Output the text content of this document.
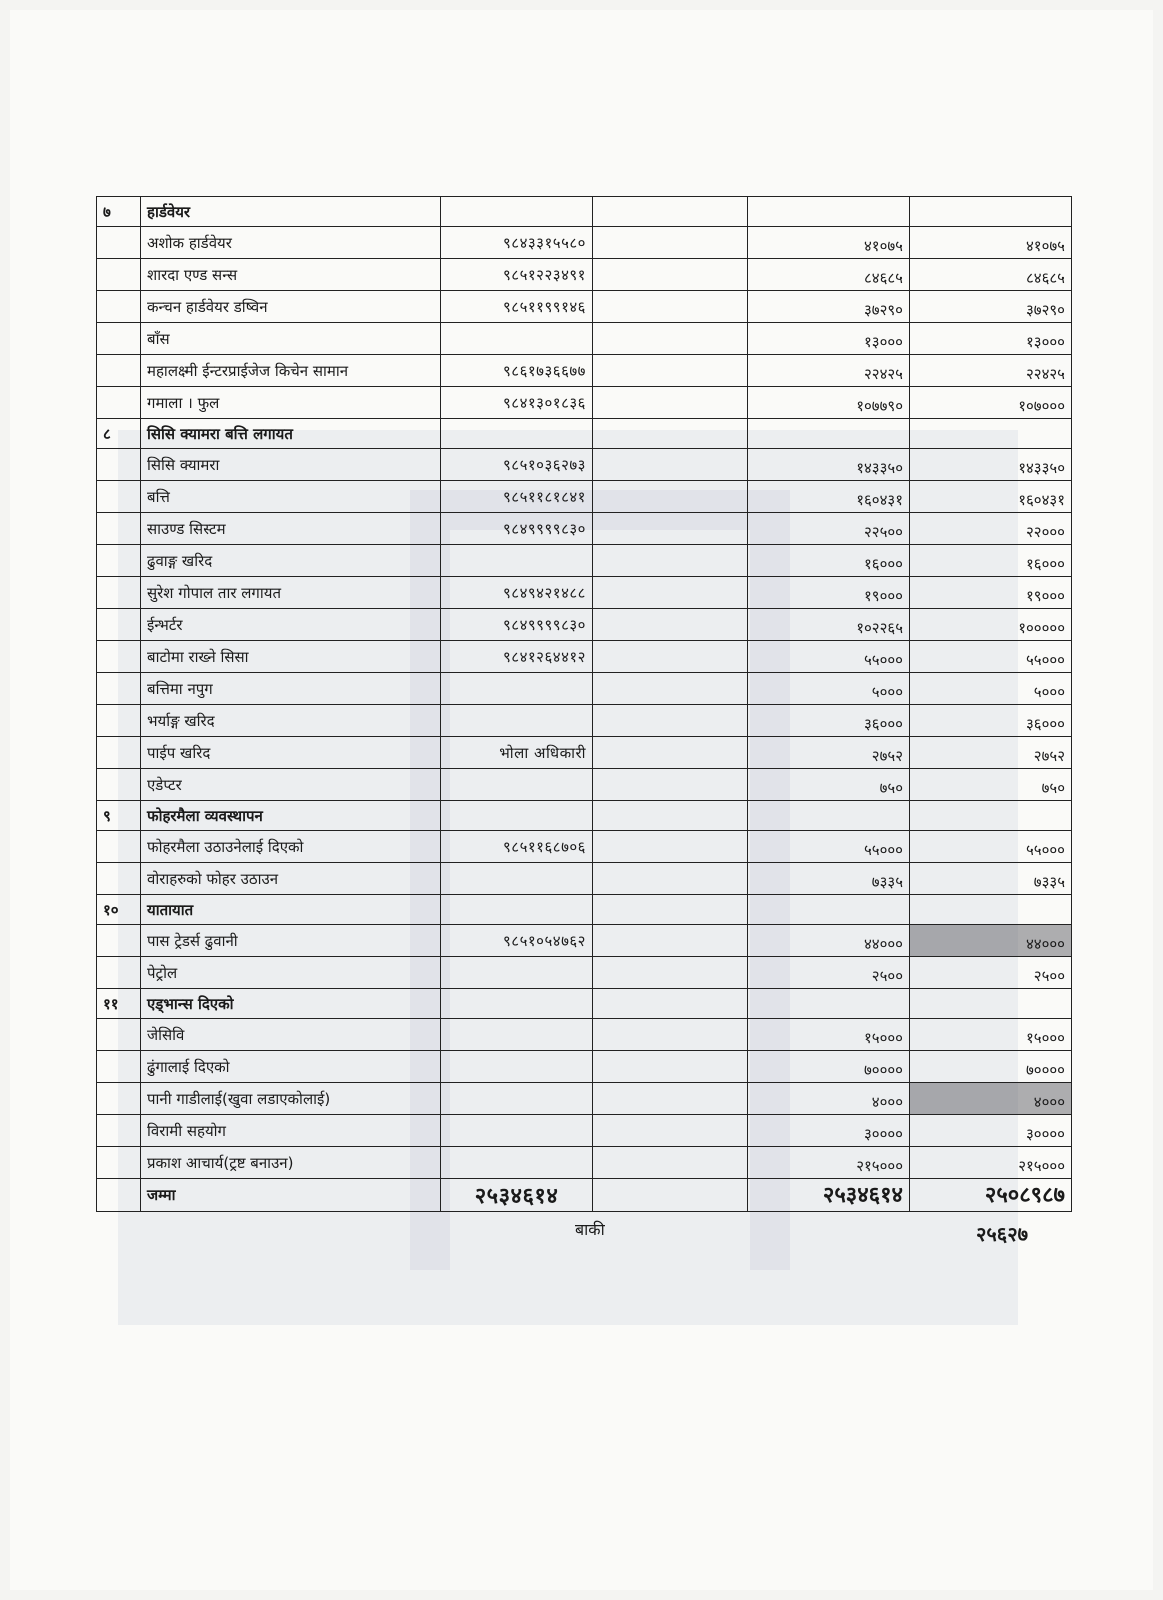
७	हार्डवेयर				
	अशोक हार्डवेयर	९८४३३१५५८०		४१०७५	४१०७५
	शारदा एण्ड सन्स	९८५१२२३४९१		८४६८५	८४६८५
	कन्चन हार्डवेयर डष्विन	९८५११९९१४६		३७२९०	३७२९०
	बाँस			१३०००	१३०००
	महालक्ष्मी ईन्टरप्राईजेज किचेन सामान	९८६१७३६६७७		२२४२५	२२४२५
	गमाला । फुल	९८४१३०१८३६		१०७७९०	१०७०००
८	सिसि क्यामरा बत्ति लगायत				
	सिसि क्यामरा	९८५१०३६२७३		१४३३५०	१४३३५०
	बत्ति	९८५११८१८४१		१६०४३१	१६०४३१
	साउण्ड सिस्टम	९८४९९९९८३०		२२५००	२२०००
	ढुवाङ्ग खरिद			१६०००	१६०००
	सुरेश गोपाल तार लगायत	९८४९४२१४८८		१९०००	१९०००
	ईन्भर्टर	९८४९९९९८३०		१०२२६५	१०००००
	बाटोमा राख्ने सिसा	९८४१२६४४१२		५५०००	५५०००
	बत्तिमा नपुग			५०००	५०००
	भर्याङ्ग खरिद			३६०००	३६०००
	पाईप खरिद	भोला अधिकारी		२७५२	२७५२
	एडेप्टर			७५०	७५०
९	फोहरमैला व्यवस्थापन				
	फोहरमैला उठाउनेलाई दिएको	९८५११६८७०६		५५०००	५५०००
	वोराहरुको फोहर उठाउन			७३३५	७३३५
१०	यातायात				
	पास ट्रेडर्स ढुवानी	९८५१०५४७६२		४४०००	४४०००
	पेट्रोल			२५००	२५००
११	एड्भान्स दिएको				
	जेसिवि			१५०००	१५०००
	ढुंगालाई दिएको			७००००	७००००
	पानी गाडीलाई(खुवा लडाएकोलाई)			४०००	४०००
	विरामी सहयोग			३००००	३००००
	प्रकाश आचार्य(ट्रष्ट बनाउन)			२१५०००	२१५०००
	जम्मा	२५३४६१४		२५३४६१४	२५०८९८७
बाकी	२५६२७
